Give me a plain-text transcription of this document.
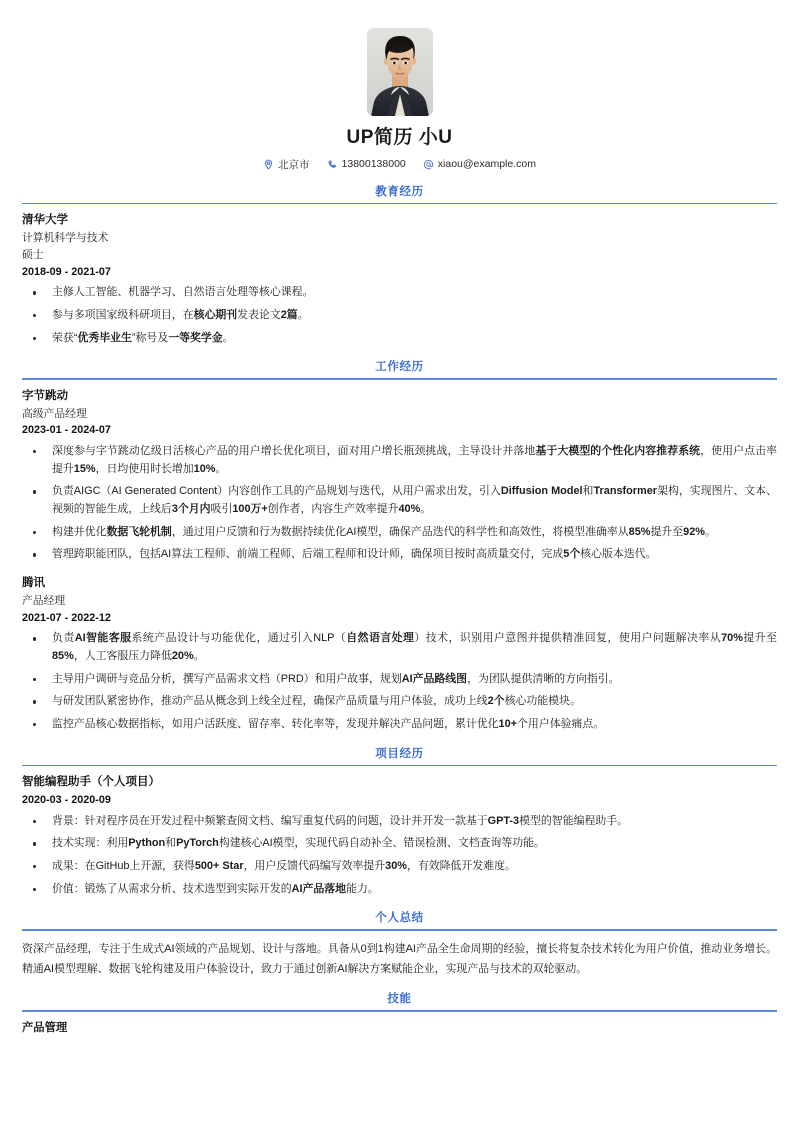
UP简历 小U
北京市	13800138000	xiaou@example.com
教育经历
清华大学
计算机科学与技术
硕士
2018-09 - 2021-07
主修人工智能、机器学习、自然语言处理等核心课程。
参与多项国家级科研项目，在核心期刊发表论文2篇。
荣获“优秀毕业生”称号及一等奖学金。
工作经历
字节跳动
高级产品经理
2023-01 - 2024-07
深度参与字节跳动亿级日活核心产品的用户增长优化项目，面对用户增长瓶颈挑战，主导设计并落地基于大模型的个性化内容推荐系统，使用户点击率提升15%，日均使用时长增加10%。
负责AIGC（AI Generated Content）内容创作工具的产品规划与迭代，从用户需求出发，引入Diffusion Model和Transformer架构，实现图片、文本、视频的智能生成，上线后3个月内吸引100万+创作者，内容生产效率提升40%。
构建并优化数据飞轮机制，通过用户反馈和行为数据持续优化AI模型，确保产品迭代的科学性和高效性，将模型准确率从85%提升至92%。
管理跨职能团队，包括AI算法工程师、前端工程师、后端工程师和设计师，确保项目按时高质量交付，完成5个核心版本迭代。
腾讯
产品经理
2021-07 - 2022-12
负责AI智能客服系统产品设计与功能优化，通过引入NLP（自然语言处理）技术，识别用户意图并提供精准回复，使用户问题解决率从70%提升至85%，人工客服压力降低20%。
主导用户调研与竞品分析，撰写产品需求文档（PRD）和用户故事，规划AI产品路线图，为团队提供清晰的方向指引。
与研发团队紧密协作，推动产品从概念到上线全过程，确保产品质量与用户体验，成功上线2个核心功能模块。
监控产品核心数据指标，如用户活跃度、留存率、转化率等，发现并解决产品问题，累计优化10+个用户体验痛点。
项目经历
智能编程助手（个人项目）
2020-03 - 2020-09
背景：针对程序员在开发过程中频繁查阅文档、编写重复代码的问题，设计并开发一款基于GPT-3模型的智能编程助手。
技术实现：利用Python和PyTorch构建核心AI模型，实现代码自动补全、错误检测、文档查询等功能。
成果：在GitHub上开源，获得500+ Star，用户反馈代码编写效率提升30%，有效降低开发难度。
价值：锻炼了从需求分析、技术选型到实际开发的AI产品落地能力。
个人总结

资深产品经理，专注于生成式AI领域的产品规划、设计与落地。具备从0到1构建AI产品全生命周期的经验，擅长将复杂技术转化为用户价值，推动业务增长。精通AI模型理解、数据飞轮构建及用户体验设计，致力于通过创新AI解决方案赋能企业，实现产品与技术的双轮驱动。

技能
产品管理
